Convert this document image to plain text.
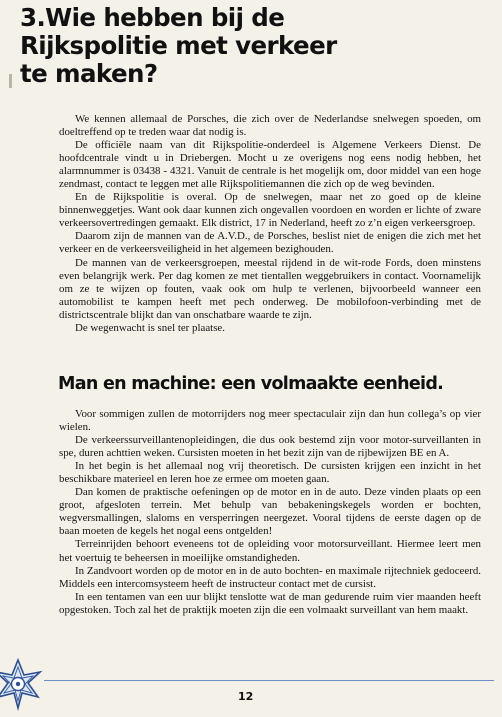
3.Wie hebben bij de
Rijkspolitie met verkeer
te maken?

We kennen allemaal de Porsches, die zich over de Nederlandse snelwegen spoeden, om doeltreffend op te treden waar dat nodig is.

De officiële naam van dit Rijkspolitie-onderdeel is Algemene Verkeers Dienst. De hoofdcentrale vindt u in Driebergen. Mocht u ze overigens nog eens nodig hebben, het alarmnummer is 03438 - 4321. Vanuit de centrale is het mogelijk om, door middel van een hoge zendmast, contact te leggen met alle Rijkspolitiemannen die zich op de weg bevinden.

En de Rijkspolitie is overal. Op de snelwegen, maar net zo goed op de kleine binnenweggetjes. Want ook daar kunnen zich ongevallen voordoen en worden er lichte of zware verkeersovertredingen gemaakt. Elk district, 17 in Nederland, heeft zo z’n eigen verkeersgroep.

Daarom zijn de mannen van de A.V.D., de Porsches, beslist niet de enigen die zich met het verkeer en de verkeersveiligheid in het algemeen bezighouden.

De mannen van de verkeersgroepen, meestal rijdend in de wit-rode Fords, doen minstens even belangrijk werk. Per dag komen ze met tientallen weggebruikers in contact. Voornamelijk om ze te wijzen op fouten, vaak ook om hulp te verlenen, bijvoorbeeld wanneer een automobilist te kampen heeft met pech onderweg. De mobilofoon-verbinding met de districtscentrale blijkt dan van onschatbare waarde te zijn.

De wegenwacht is snel ter plaatse.

Man en machine: een volmaakte eenheid.

Voor sommigen zullen de motorrijders nog meer spectaculair zijn dan hun collega’s op vier wielen.

De verkeerssurveillantenopleidingen, die dus ook bestemd zijn voor motor-surveillanten in spe, duren achttien weken. Cursisten moeten in het bezit zijn van de rijbewijzen BE en A.

In het begin is het allemaal nog vrij theoretisch. De cursisten krijgen een inzicht in het beschikbare materieel en leren hoe ze ermee om moeten gaan.

Dan komen de praktische oefeningen op de motor en in de auto. Deze vinden plaats op een groot, afgesloten terrein. Met behulp van bebakeningskegels worden er bochten, wegversmallingen, slaloms en versperringen neergezet. Vooral tijdens de eerste dagen op de baan moeten de kegels het nogal eens ontgelden!

Terreinrijden behoort eveneens tot de opleiding voor motorsurveillant. Hiermee leert men het voertuig te beheersen in moeilijke omstandigheden.

In Zandvoort worden op de motor en in de auto bochten- en maximale rijtechniek gedoceerd. Middels een intercomsysteem heeft de instructeur contact met de cursist.

In een tentamen van een uur blijkt tenslotte wat de man gedurende ruim vier maanden heeft opgestoken. Toch zal het de praktijk moeten zijn die een volmaakt surveillant van hem maakt.

12
